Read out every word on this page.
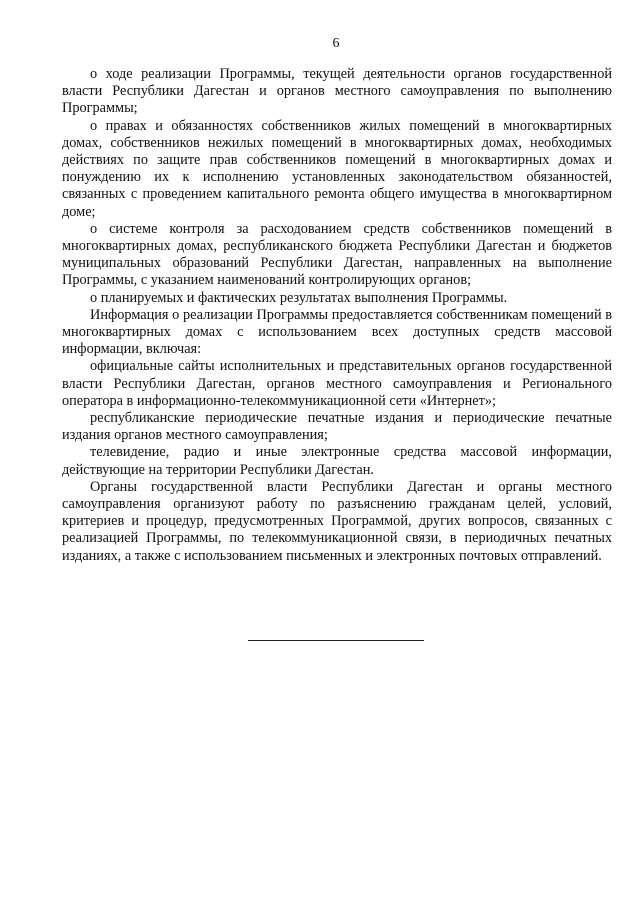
6

о ходе реализации Программы, текущей деятельности органов государственной власти Республики Дагестан и органов местного самоуправления по выполнению Программы;

о правах и обязанностях собственников жилых помещений в многоквартирных домах, собственников нежилых помещений в многоквартирных домах, необходимых действиях по защите прав собственников помещений в многоквартирных домах и понуждению их к исполнению установленных законодательством обязанностей, связанных с проведением капитального ремонта общего имущества в многоквартирном доме;

о системе контроля за расходованием средств собственников помещений в многоквартирных домах, республиканского бюджета Республики Дагестан и бюджетов муниципальных образований Республики Дагестан, направленных на выполнение Программы, с указанием наименований контролирующих органов;

о планируемых и фактических результатах выполнения Программы.

Информация о реализации Программы предоставляется собственникам помещений в многоквартирных домах с использованием всех доступных средств массовой информации, включая:

официальные сайты исполнительных и представительных органов государственной власти Республики Дагестан, органов местного самоуправления и Регионального оператора в информационно-телекоммуникационной сети «Интернет»;

республиканские периодические печатные издания и периодические печатные издания органов местного самоуправления;

телевидение, радио и иные электронные средства массовой информации, действующие на территории Республики Дагестан.

Органы государственной власти Республики Дагестан и органы местного самоуправления организуют работу по разъяснению гражданам целей, условий, критериев и процедур, предусмотренных Программой, других вопросов, связанных с реализацией Программы, по телекоммуникационной связи, в периодичных печатных изданиях, а также с использованием письменных и электронных почтовых отправлений.
